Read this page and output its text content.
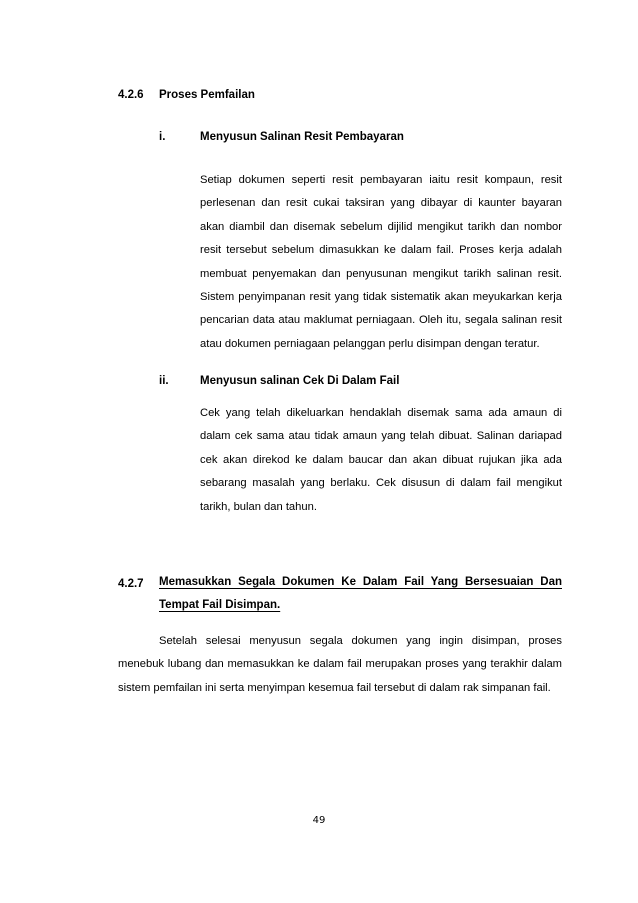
4.2.6 Proses Pemfailan
i.	Menyusun Salinan Resit Pembayaran

Setiap dokumen seperti resit pembayaran iaitu resit kompaun, resit perlesenan dan resit cukai taksiran yang dibayar di kaunter bayaran akan diambil dan disemak sebelum dijilid mengikut tarikh dan nombor resit tersebut sebelum dimasukkan ke dalam fail. Proses kerja adalah membuat penyemakan dan penyusunan mengikut tarikh salinan resit. Sistem penyimpanan resit yang tidak sistematik akan meyukarkan kerja pencarian data atau maklumat perniagaan. Oleh itu, segala salinan resit atau dokumen perniagaan pelanggan perlu disimpan dengan teratur.

ii.	Menyusun salinan Cek Di Dalam Fail

Cek yang telah dikeluarkan hendaklah disemak sama ada amaun di dalam cek sama atau tidak amaun yang telah dibuat. Salinan dariapad cek akan direkod ke dalam baucar dan akan dibuat rujukan jika ada sebarang masalah yang berlaku. Cek disusun di dalam fail mengikut tarikh, bulan dan tahun.

4.2.7 Memasukkan Segala Dokumen Ke Dalam Fail Yang Bersesuaian Dan Tempat Fail Disimpan.

Setelah selesai menyusun segala dokumen yang ingin disimpan, proses menebuk lubang dan memasukkan ke dalam fail merupakan proses yang terakhir dalam sistem pemfailan ini serta menyimpan kesemua fail tersebut di dalam rak simpanan fail.

49
